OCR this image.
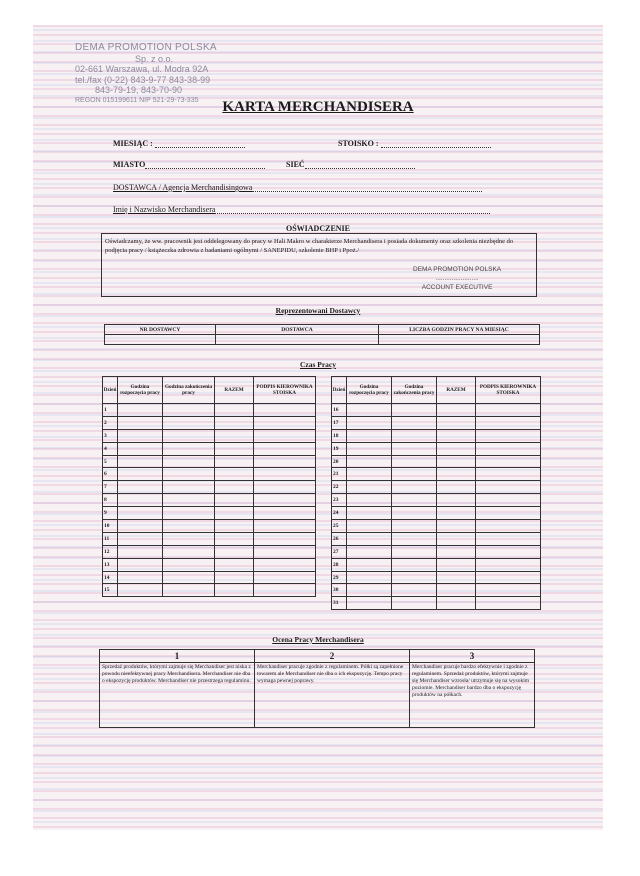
DEMA PROMOTION POLSKA
Sp. z o.o.
02-661 Warszawa, ul. Modra 92A
tel./fax (0-22) 843-9-77 843-38-99
843-79-19, 843-70-90
REGON 015199611 NIP 521-29-73-335	KARTA MERCHANDISERA
MIESIĄC :	STOISKO :
MIASTO	SIEĆ
DOSTAWCA / Agencja Merchandisingowa
Imię i Nazwisko Merchandisera
OŚWIADCZENIE
Oświadczamy, że ww. pracownik jest oddelegowany do pracy w Hali Makro w charakterze Merchandisera i posiada dokumenty oraz szkolenia niezbędne do podjęcia pracy / książeczka zdrowia z badaniami ogólnymi / SANEPIDU, szkolenie BHP i Ppoż./
DEMA PROMOTION POLSKA
........................
ACCOUNT EXECUTIVE
Reprezentowani Dostawcy
NR DOSTAWCY	DOSTAWCA	LICZBA GODZIN PRACY NA MIESIĄC

Czas Pracy
Dzień	Godzina rozpoczęcia pracy	Godzina zakończenia pracy	RAZEM	PODPIS KIEROWNIKA STOISKA
1				
2				
3				
4				
5				
6				
7				
8				
9				
10				
11				
12				
13				
14				
15				
Dzień	Godzina rozpoczęcia pracy	Godzina zakończenia pracy	RAZEM	PODPIS KIEROWNIKA STOISKA
16				
17				
18				
19				
20				
21				
22				
23				
24				
25				
26				
27				
28				
29				
30				
31				
Ocena Pracy Merchandisera
1	2	3
Sprzedaż produktów, którymi zajmuje się Merchandiser jest niska z powodu nieefektywnej pracy Merchandisera. Merchandiser nie dba o ekspozycję produktów. Merchandiser nie przestrzega regulaminu.	Merchandiser pracuje zgodnie z regulaminem. Półki są zapełnione towarem ale Merchandiser nie dba o ich ekspozycję. Tempo pracy wymaga pewnej poprawy.	Merchandiser pracuje bardzo efektywnie i zgodnie z regulaminem. Sprzedaż produktów, którymi zajmuje się Merchandiser wzrosła/ utrzymuje się na wysokim poziomie. Merchandiser bardzo dba o ekspozycję produktów na półkach.
